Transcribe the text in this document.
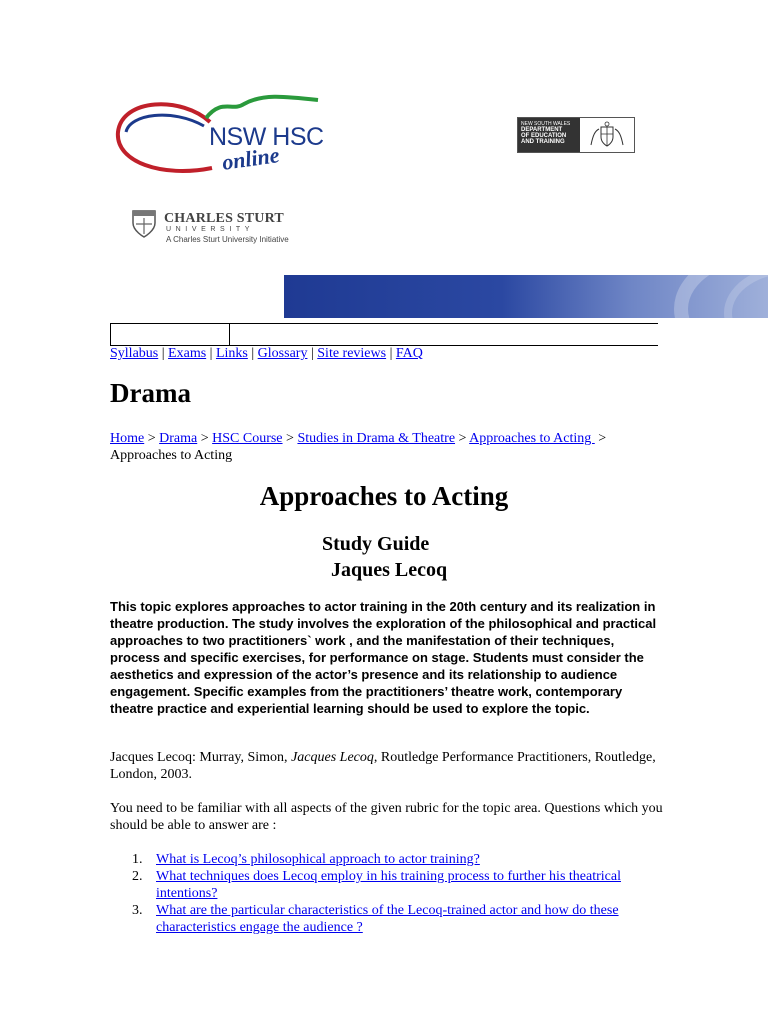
NSW HSC
online
NEW SOUTH WALES
DEPARTMENT
OF EDUCATION
AND TRAINING
CHARLES STURT
UNIVERSITY
A Charles Sturt University Initiative
Syllabus | Exams | Links | Glossary | Site reviews | FAQ
Drama
Home > Drama > HSC Course > Studies in Drama & Theatre > Approaches to Acting  >
Approaches to Acting
Approaches to Acting
Study Guide
Jaques Lecoq

This topic explores approaches to actor training in the 20th century and its realization in theatre production. The study involves the exploration of the philosophical and practical approaches to two practitioners` work , and the manifestation of their techniques, process and specific exercises, for performance on stage. Students must consider the aesthetics and expression of the actor’s presence and its relationship to audience engagement. Specific examples from the practitioners’ theatre work, contemporary theatre practice and experiential learning should be used to explore the topic.

Jacques Lecoq: Murray, Simon, Jacques Lecoq, Routledge Performance Practitioners, Routledge, London, 2003.

You need to be familiar with all aspects of the given rubric for the topic area. Questions which you should be able to answer are :

1. What is Lecoq’s philosophical approach to actor training?
2. What techniques does Lecoq employ in his training process to further his theatrical intentions?
3. What are the particular characteristics of the Lecoq-trained actor and how do these characteristics engage the audience ?
